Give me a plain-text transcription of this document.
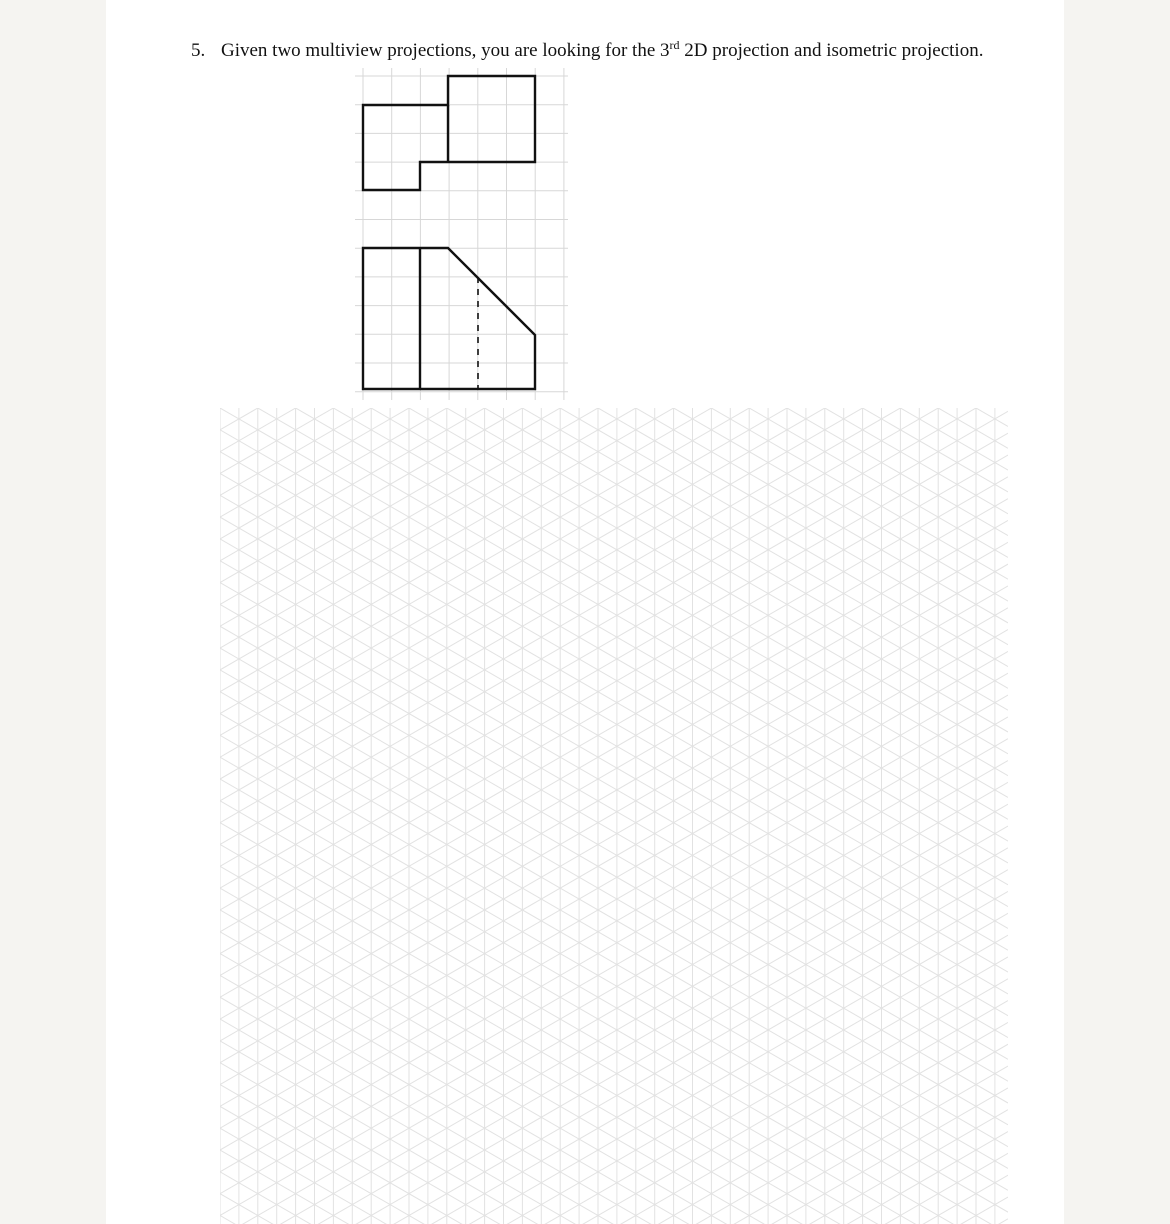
5. Given two multiview projections, you are looking for the 3rd 2D projection and isometric projection.
